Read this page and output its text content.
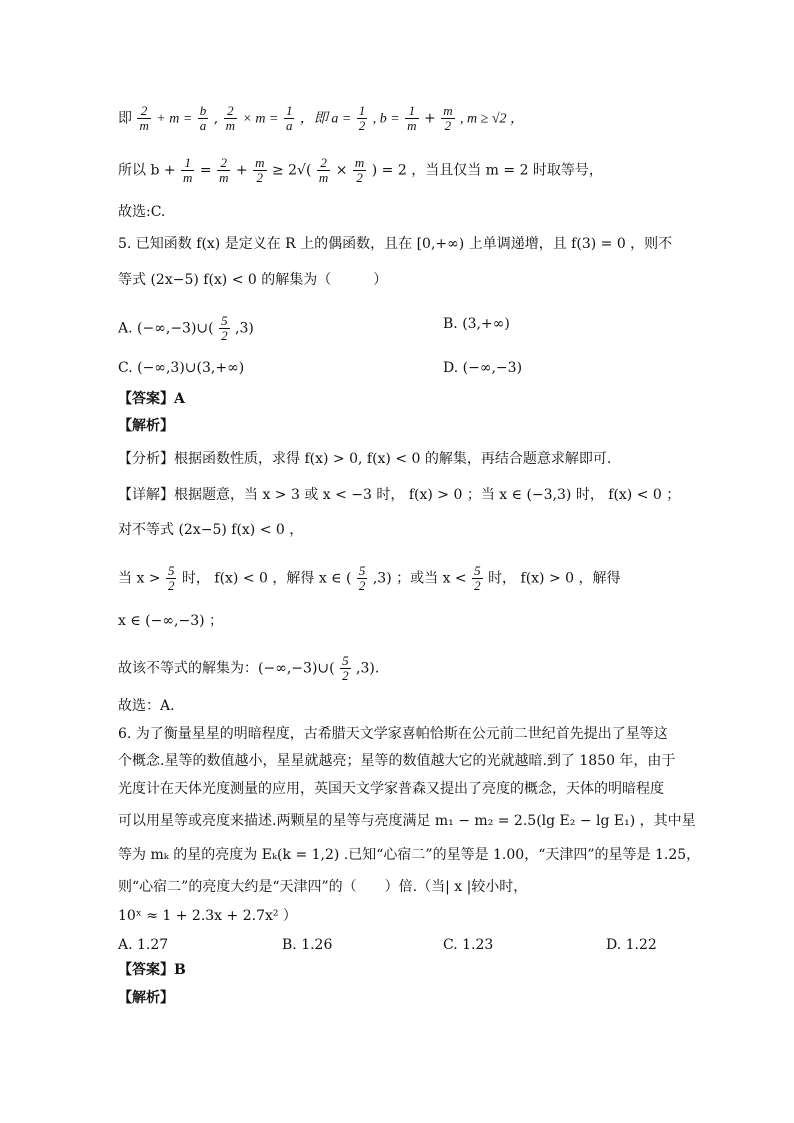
即 $\frac{2}{m} + m = \frac{b}{a}$ , $\frac{2}{m} \times m = \frac{1}{a}$ ，即 $a = \frac{1}{2}$ , $b = \frac{1}{m} + \frac{m}{2}$ , m ≥ √2 ，
所以 $b + \frac{1}{m} = \frac{2}{m} + \frac{m}{2} \ge 2√( \frac{2}{m} \times \frac{m}{2}$ ) = 2 ，当且仅当 m = 2 时取等号，
故选:C.
5. 已知函数 f(x) 是定义在 R 上的偶函数，且在 [0,+∞) 上单调递增，且 f(3) = 0 ，则不
等式 (2x−5) f(x) < 0 的解集为（　　　）
A. (−∞,−3)∪( $\frac{5}{2} ,3$)	B. (3,+∞)
C. (−∞,3)∪(3,+∞)	D. (−∞,−3)
【答案】A
【解析】
【分析】根据函数性质，求得 f(x) > 0, f(x) < 0 的解集，再结合题意求解即可.
【详解】根据题意，当 x > 3 或 x < −3 时， f(x) > 0 ；当 x ∈ (−3,3) 时， f(x) < 0 ；
对不等式 (2x−5) f(x) < 0 ，
当 $x > \frac{5}{2}$ 时， f(x) < 0 ，解得 x ∈ ( $\frac{5}{2} ,3$) ；或当 $x < \frac{5}{2}$ 时， f(x) > 0 ，解得
x ∈ (−∞,−3) ；
故该不等式的解集为：(−∞,−3)∪( $\frac{5}{2} ,3$).
故选：A.
6. 为了衡量星星的明暗程度，古希腊天文学家喜帕恰斯在公元前二世纪首先提出了星等这
个概念.星等的数值越小，星星就越亮；星等的数值越大它的光就越暗.到了 1850 年，由于
光度计在天体光度测量的应用，英国天文学家普森又提出了亮度的概念，天体的明暗程度
可以用星等或亮度来描述.两颗星的星等与亮度满足 m₁ − m₂ = 2.5(lg E₂ − lg E₁) ，其中星
等为 mₖ 的星的亮度为 Eₖ(k = 1,2) .已知“心宿二”的星等是 1.00，“天津四”的星等是 1.25，
则“心宿二”的亮度大约是“天津四”的（　　）倍.（当| x |较小时，
10ˣ ≈ 1 + 2.3x + 2.7x² ）
A. 1.27	B. 1.26	C. 1.23	D. 1.22
【答案】B
【解析】
